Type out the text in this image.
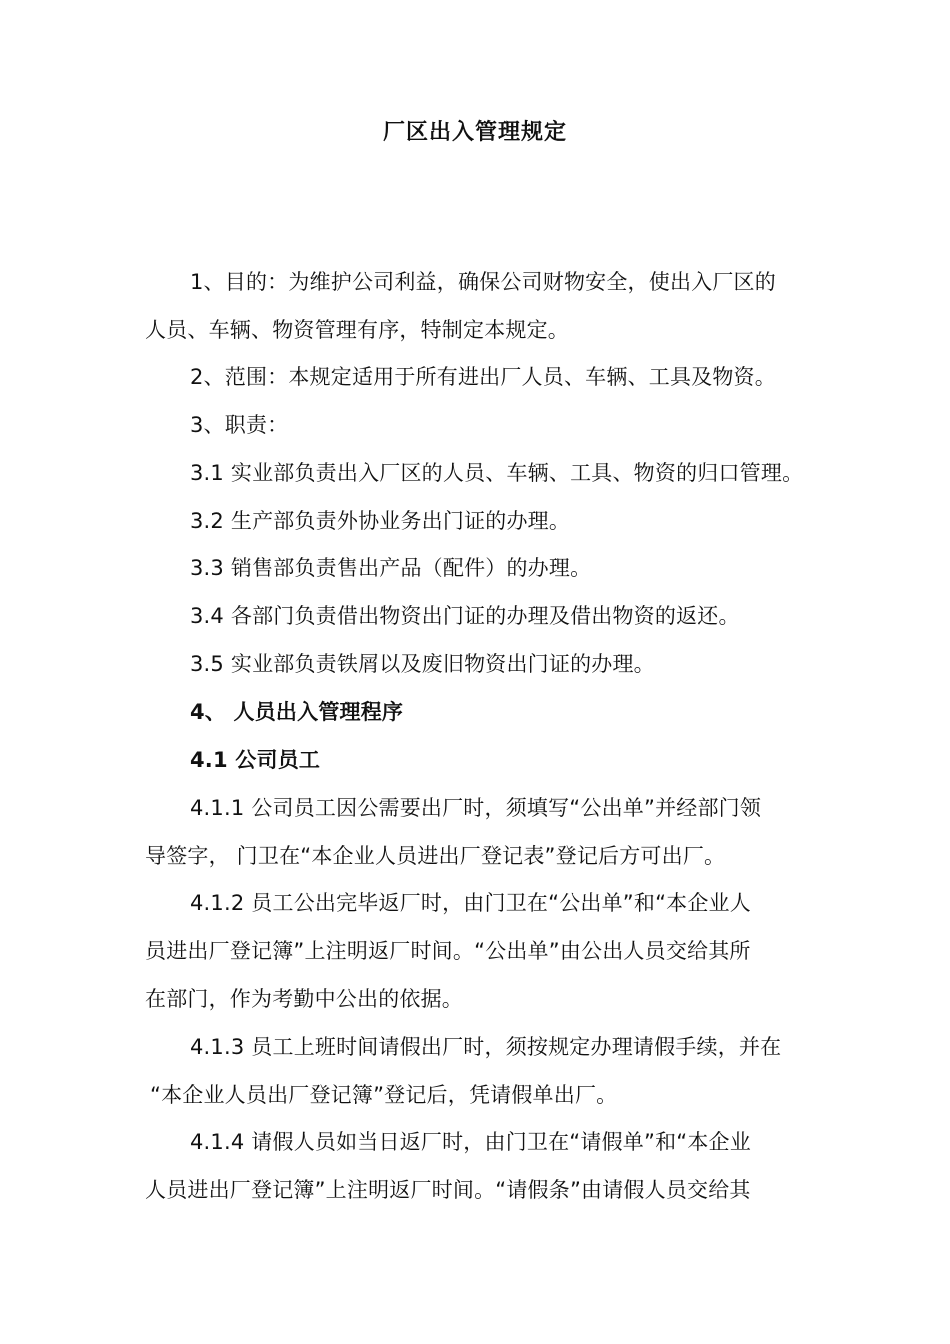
厂区出入管理规定
1、目的：为维护公司利益，确保公司财物安全，使出入厂区的
人员、车辆、物资管理有序，特制定本规定。
2、范围：本规定适用于所有进出厂人员、车辆、工具及物资。
3、职责：
3.1 实业部负责出入厂区的人员、车辆、工具、物资的归口管理。
3.2 生产部负责外协业务出门证的办理。
3.3 销售部负责售出产品（配件）的办理。
3.4 各部门负责借出物资出门证的办理及借出物资的返还。
3.5 实业部负责铁屑以及废旧物资出门证的办理。
4、 人员出入管理程序
4.1 公司员工
4.1.1 公司员工因公需要出厂时，须填写“公出单”并经部门领
导签字， 门卫在“本企业人员进出厂登记表”登记后方可出厂。
4.1.2 员工公出完毕返厂时，由门卫在“公出单”和“本企业人
员进出厂登记簿”上注明返厂时间。“公出单”由公出人员交给其所
在部门，作为考勤中公出的依据。
4.1.3 员工上班时间请假出厂时，须按规定办理请假手续，并在
“本企业人员出厂登记簿”登记后，凭请假单出厂。
4.1.4 请假人员如当日返厂时，由门卫在“请假单”和“本企业
人员进出厂登记簿”上注明返厂时间。“请假条”由请假人员交给其
